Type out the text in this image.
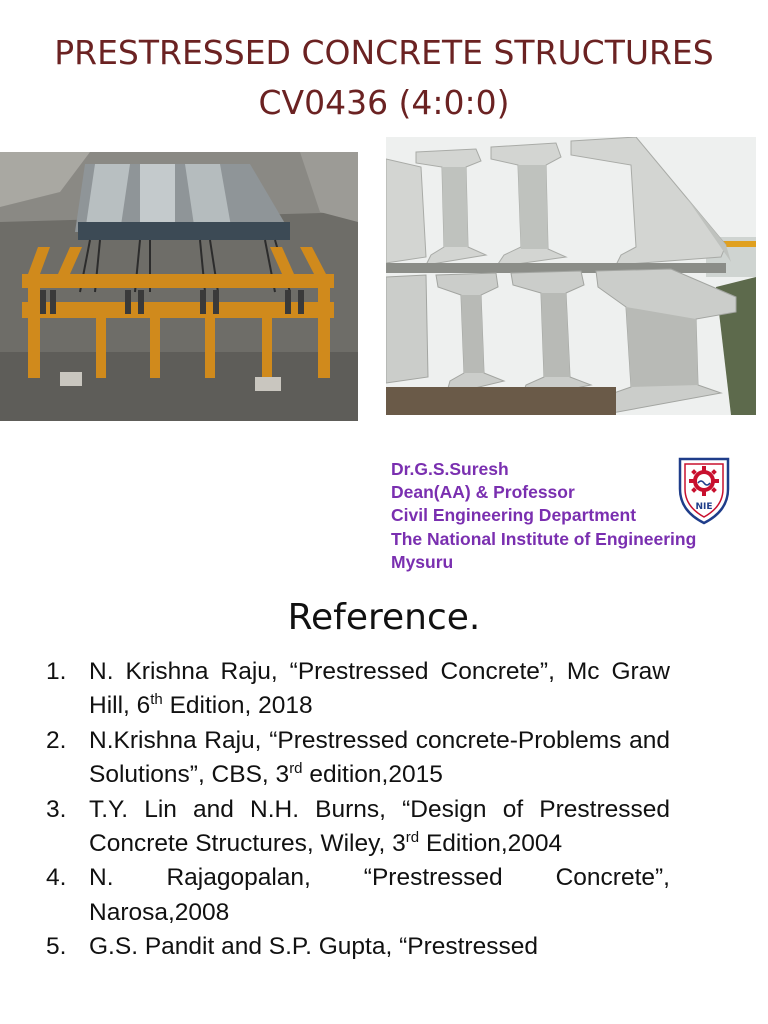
PRESTRESSED CONCRETE STRUCTURES
CV0436 (4:0:0)
Dr.G.S.Suresh
Dean(AA) & Professor
Civil Engineering Department
The National Institute of Engineering
Mysuru
NIE
Reference.
1. N. Krishna Raju, “Prestressed Concrete”, Mc Graw Hill, 6th Edition, 2018
2. N.Krishna Raju, “Prestressed concrete-Problems and Solutions”, CBS, 3rd edition,2015
3. T.Y. Lin and N.H. Burns, “Design of Prestressed Concrete Structures, Wiley, 3rd Edition,2004
4. N. Rajagopalan, “Prestressed Concrete”, Narosa,2008
5. G.S. Pandit and S.P. Gupta, “Prestressed
